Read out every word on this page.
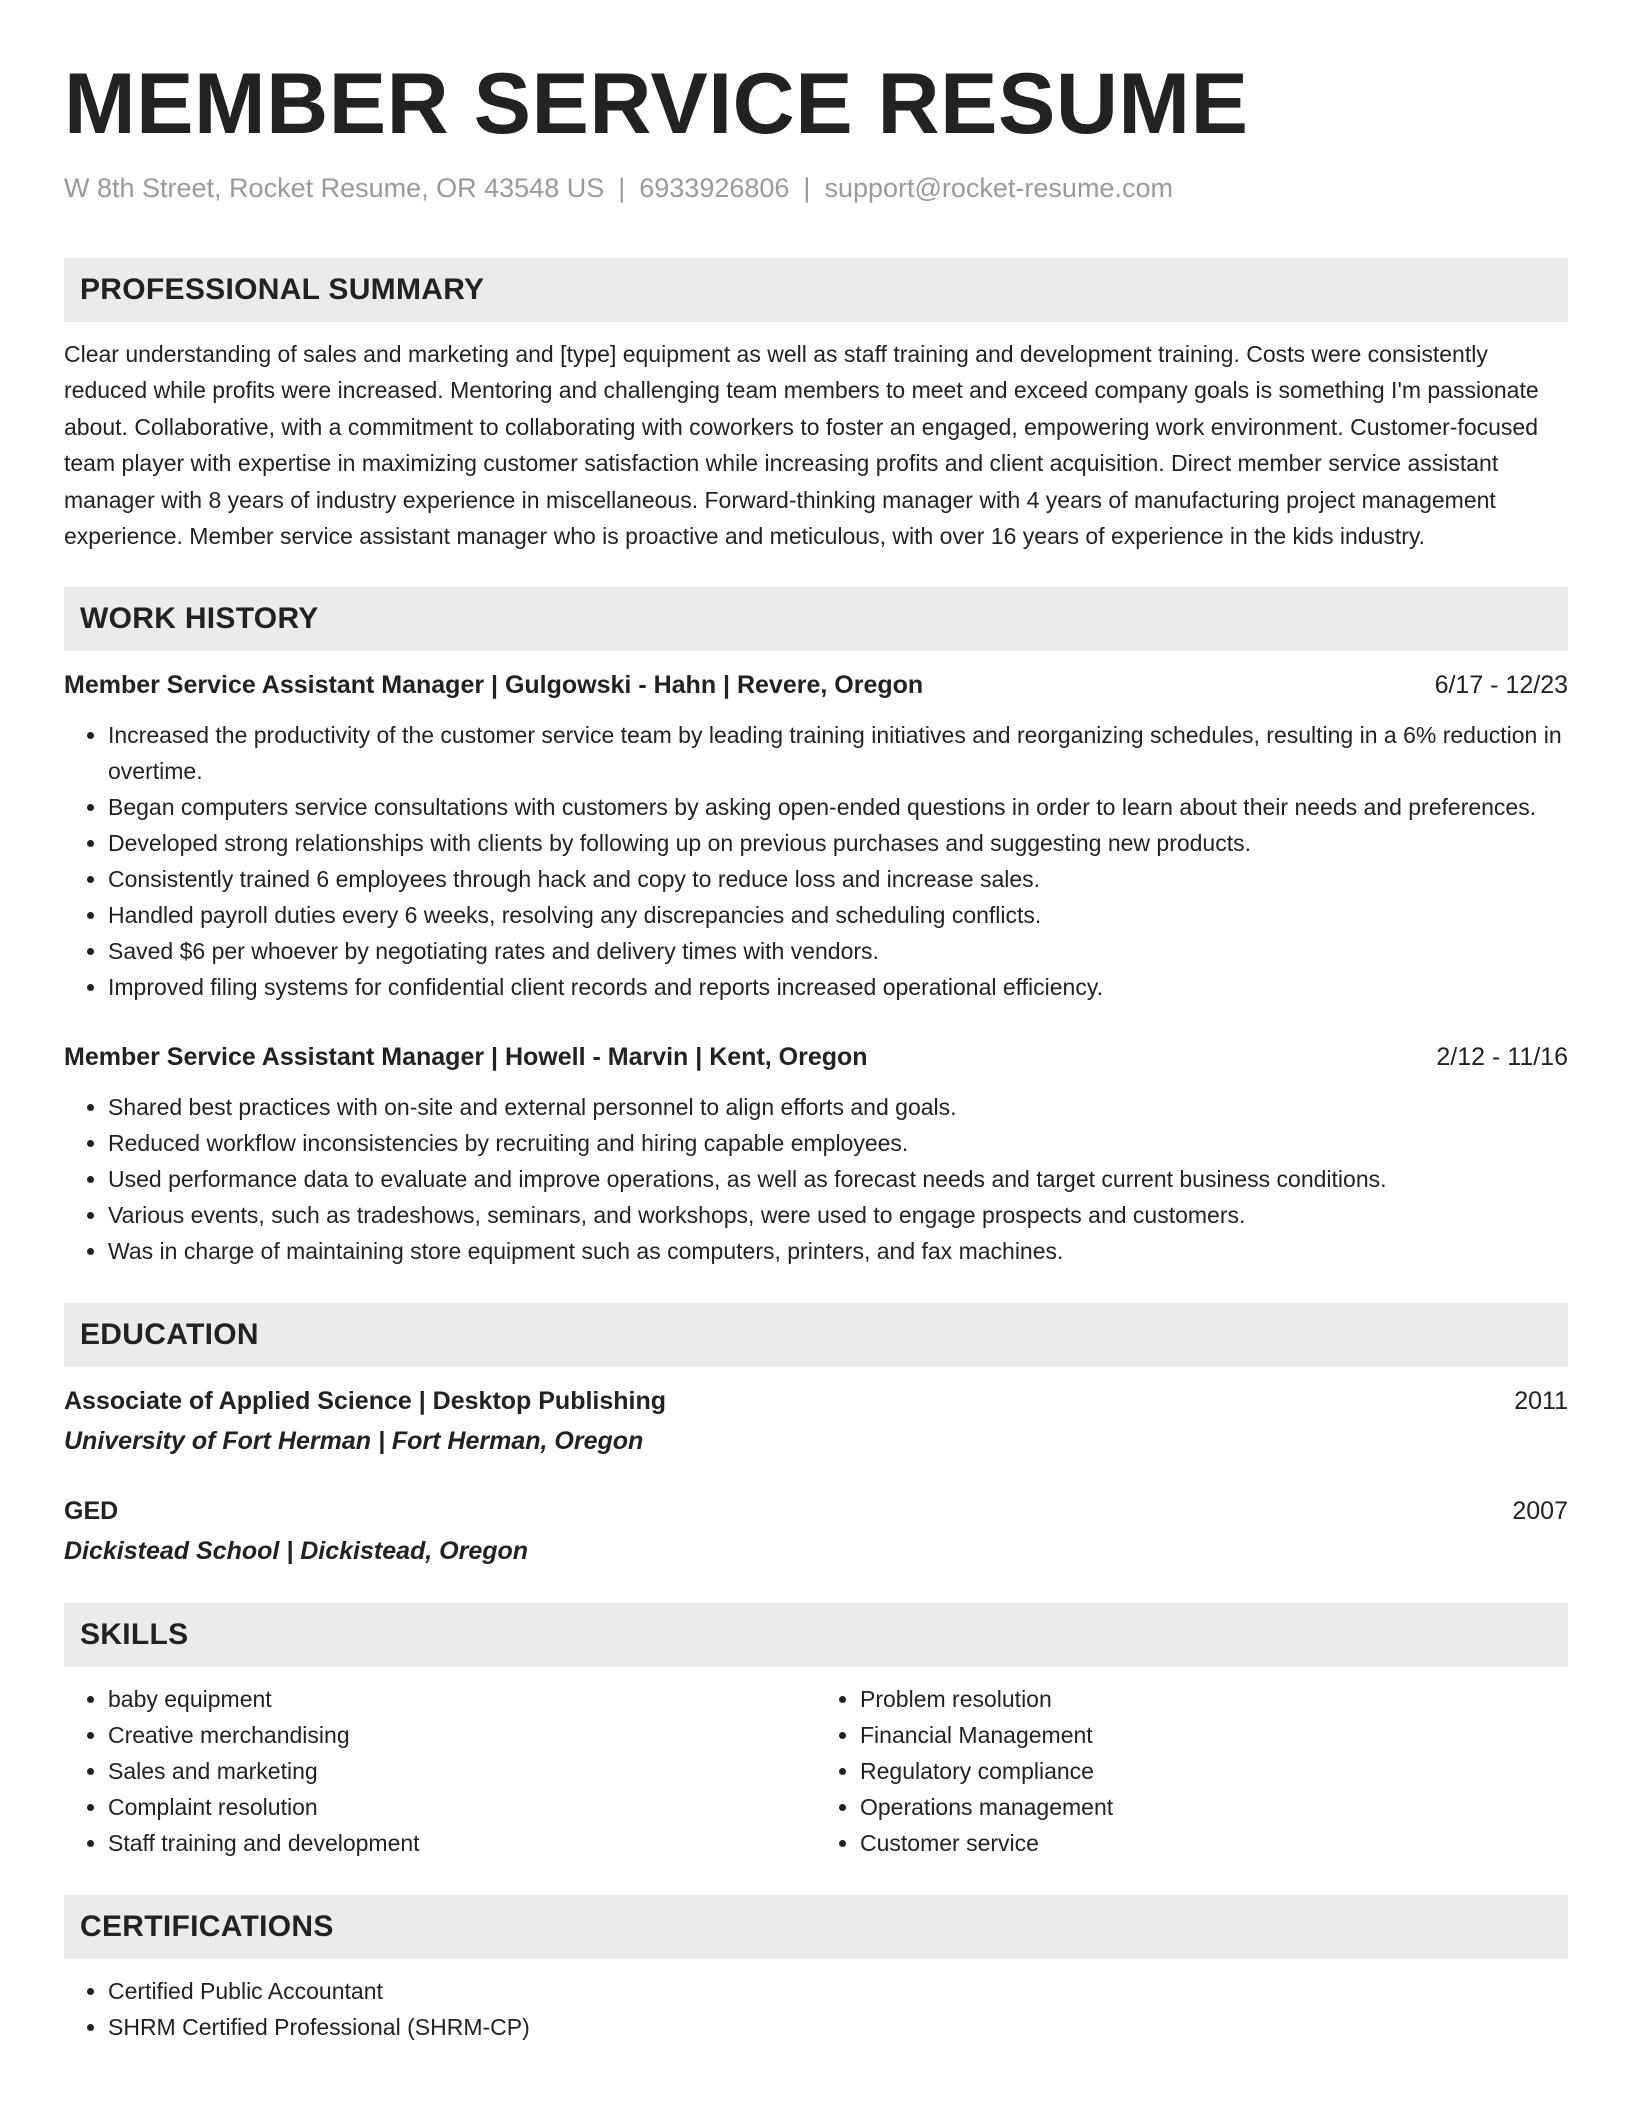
MEMBER SERVICE RESUME
W 8th Street, Rocket Resume, OR 43548 US | 6933926806 | support@rocket-resume.com
PROFESSIONAL SUMMARY
Clear understanding of sales and marketing and [type] equipment as well as staff training and development training. Costs were consistently reduced while profits were increased. Mentoring and challenging team members to meet and exceed company goals is something I'm passionate about. Collaborative, with a commitment to collaborating with coworkers to foster an engaged, empowering work environment. Customer-focused team player with expertise in maximizing customer satisfaction while increasing profits and client acquisition. Direct member service assistant manager with 8 years of industry experience in miscellaneous. Forward-thinking manager with 4 years of manufacturing project management experience. Member service assistant manager who is proactive and meticulous, with over 16 years of experience in the kids industry.
WORK HISTORY
Member Service Assistant Manager | Gulgowski - Hahn | Revere, Oregon	6/17 - 12/23
• Increased the productivity of the customer service team by leading training initiatives and reorganizing schedules, resulting in a 6% reduction in overtime.
• Began computers service consultations with customers by asking open-ended questions in order to learn about their needs and preferences.
• Developed strong relationships with clients by following up on previous purchases and suggesting new products.
• Consistently trained 6 employees through hack and copy to reduce loss and increase sales.
• Handled payroll duties every 6 weeks, resolving any discrepancies and scheduling conflicts.
• Saved $6 per whoever by negotiating rates and delivery times with vendors.
• Improved filing systems for confidential client records and reports increased operational efficiency.
Member Service Assistant Manager | Howell - Marvin | Kent, Oregon	2/12 - 11/16
• Shared best practices with on-site and external personnel to align efforts and goals.
• Reduced workflow inconsistencies by recruiting and hiring capable employees.
• Used performance data to evaluate and improve operations, as well as forecast needs and target current business conditions.
• Various events, such as tradeshows, seminars, and workshops, were used to engage prospects and customers.
• Was in charge of maintaining store equipment such as computers, printers, and fax machines.
EDUCATION
Associate of Applied Science | Desktop Publishing	2011
University of Fort Herman | Fort Herman, Oregon
GED	2007
Dickistead School | Dickistead, Oregon
SKILLS
• baby equipment
• Creative merchandising
• Sales and marketing
• Complaint resolution
• Staff training and development
• Problem resolution
• Financial Management
• Regulatory compliance
• Operations management
• Customer service
CERTIFICATIONS
• Certified Public Accountant
• SHRM Certified Professional (SHRM-CP)
